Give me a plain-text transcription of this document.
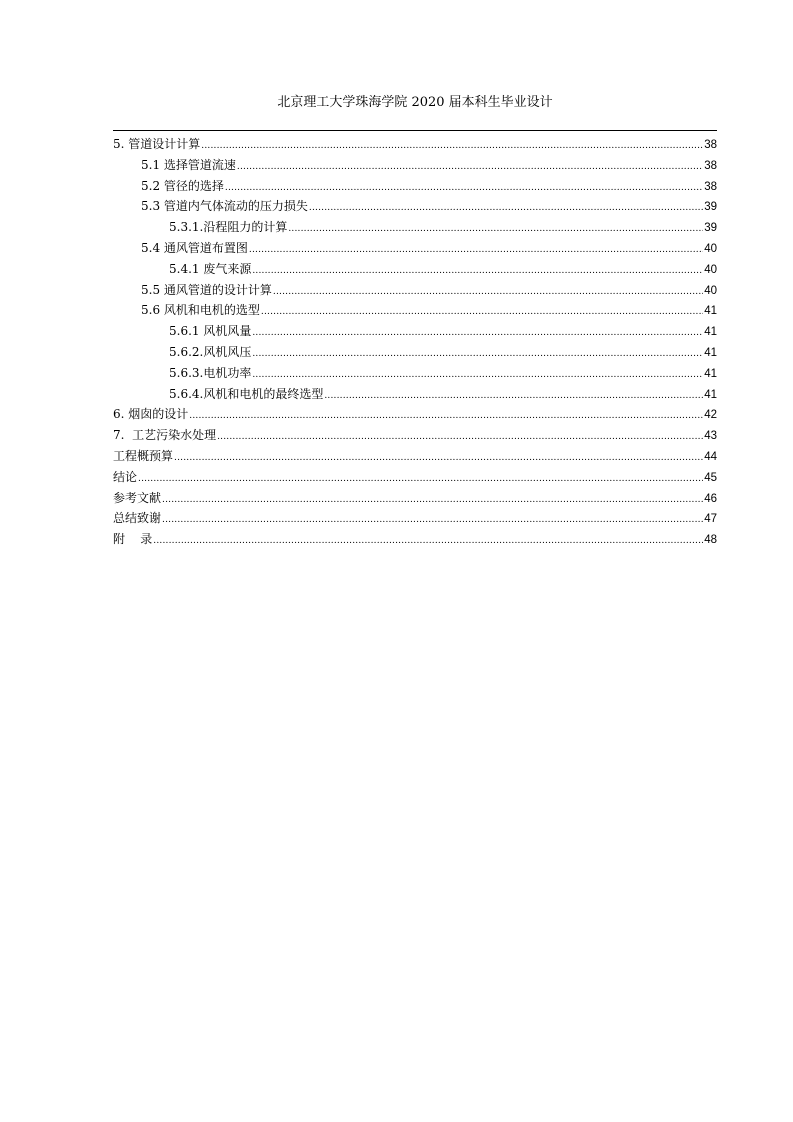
北京理工大学珠海学院 2020 届本科生毕业设计
5. 管道设计计算 .....	38
5.1 选择管道流速 .....	38
5.2 管径的选择 .....	38
5.3 管道内气体流动的压力损失 .....	39
5.3.1.沿程阻力的计算 .....	39
5.4 通风管道布置图 .....	40
5.4.1 废气来源 .....	40
5.5 通风管道的设计计算 .....	40
5.6 风机和电机的选型 .....	41
5.6.1 风机风量 .....	41
5.6.2.风机风压 .....	41
5.6.3.电机功率 .....	41
5.6.4.风机和电机的最终选型 .....	41
6. 烟囱的设计 .....	42
7.  工艺污染水处理 .....	43
工程概预算 .....	44
结论 .....	45
参考文献 .....	46
总结致谢 .....	47
附    录 .....	48
